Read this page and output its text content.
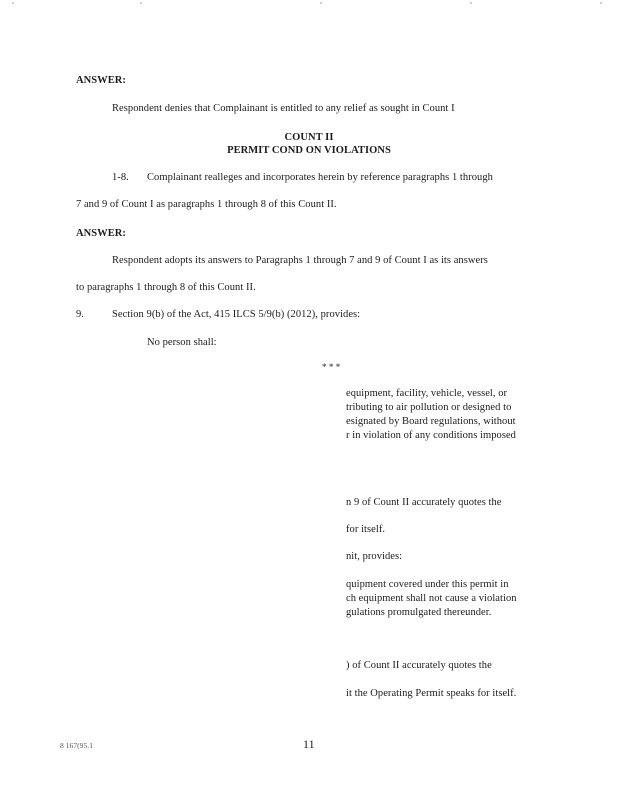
ANSWER:
Respondent denies that Complainant is entitled to any relief as sought in Count I
COUNT II
PERMIT COND ON VIOLATIONS
1-8. Complainant realleges and incorporates herein by reference paragraphs 1 through
7 and 9 of Count I as paragraphs 1 through 8 of this Count II.
ANSWER:
Respondent adopts its answers to Paragraphs 1 through 7 and 9 of Count I as its answers
to paragraphs 1 through 8 of this Count II.
9.	Section 9(b) of the Act, 415 ILCS 5/9(b) (2012), provides:
No person shall:
* * *
equipment, facility, vehicle, vessel, or
tributing to air pollution or designed to
esignated by Board regulations, without
r in violation of any conditions imposed
n 9 of Count II accurately quotes the
for itself.
nit, provides:
quipment covered under this permit in
ch equipment shall not cause a violation
gulations promulgated thereunder.
) of Count II accurately quotes the
it the Operating Permit speaks for itself.
8 167(95.1	11
